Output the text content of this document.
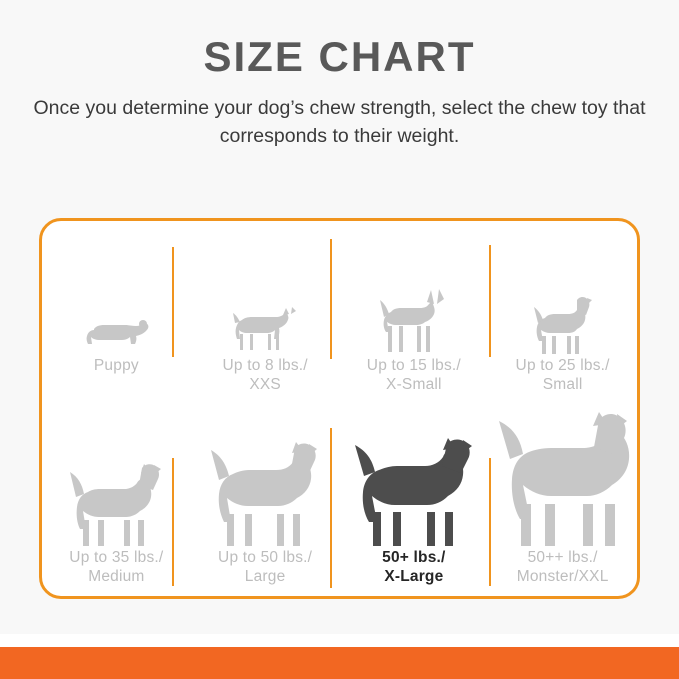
SIZE CHART

Once you determine your dog’s chew strength, select the chew toy that corresponds to their weight.

Puppy	Up to 8 lbs./
XXS
Up to 15 lbs./
X-Small
Up to 25 lbs./
Small
Up to 35 lbs./
Medium
Up to 50 lbs./
Large
50+ lbs./
X-Large
50++ lbs./
Monster/XXL
